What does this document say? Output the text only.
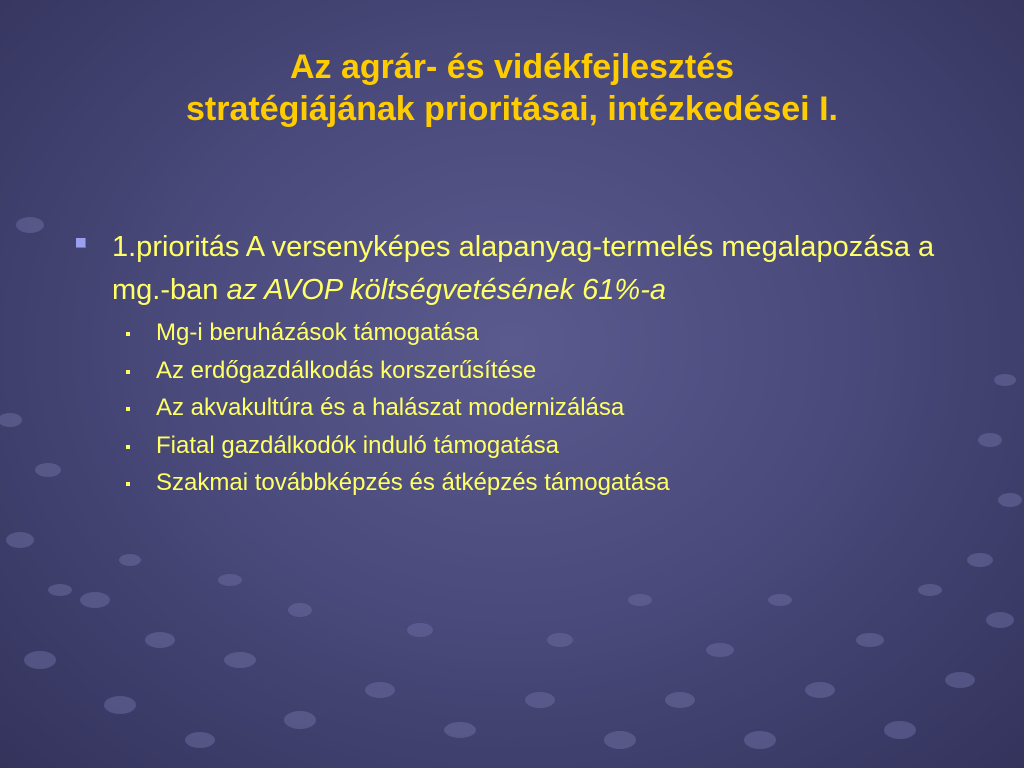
Az agrár- és vidékfejlesztés
stratégiájának prioritásai, intézkedései I.
1.prioritás A versenyképes alapanyag-termelés megalapozása a mg.-ban az AVOP költségvetésének 61%-a
Mg-i beruházások támogatása
Az erdőgazdálkodás korszerűsítése
Az akvakultúra és a halászat modernizálása
Fiatal gazdálkodók induló támogatása
Szakmai továbbképzés és átképzés támogatása
